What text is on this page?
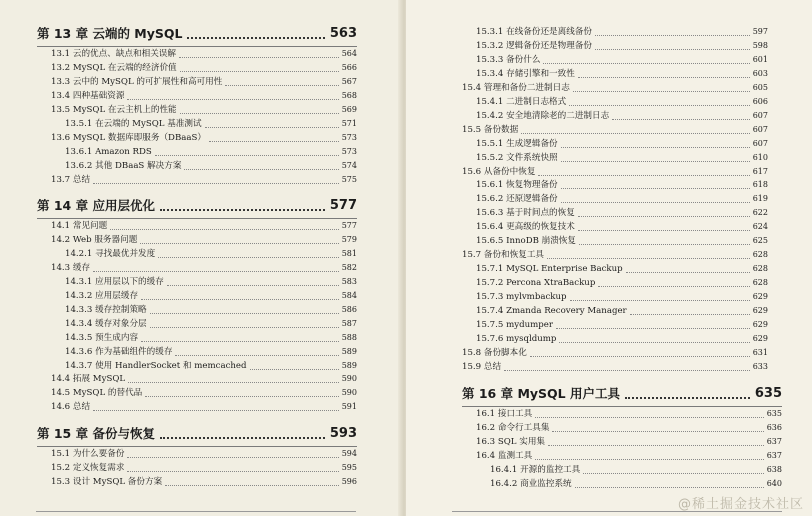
第 13 章 云端的 MySQL	563
13.1 云的优点、缺点和相关误解	564
13.2 MySQL 在云端的经济价值	566
13.3 云中的 MySQL 的可扩展性和高可用性	567
13.4 四种基础资源	568
13.5 MySQL 在云主机上的性能	569
13.5.1 在云端的 MySQL 基准测试	571
13.6 MySQL 数据库即服务（DBaaS）	573
13.6.1 Amazon RDS	573
13.6.2 其他 DBaaS 解决方案	574
13.7 总结	575
第 14 章 应用层优化	577
14.1 常见问题	577
14.2 Web 服务器问题	579
14.2.1 寻找最优并发度	581
14.3 缓存	582
14.3.1 应用层以下的缓存	583
14.3.2 应用层缓存	584
14.3.3 缓存控制策略	586
14.3.4 缓存对象分层	587
14.3.5 预生成内容	588
14.3.6 作为基础组件的缓存	589
14.3.7 使用 HandlerSocket 和 memcached	589
14.4 拓展 MySQL	590
14.5 MySQL 的替代品	590
14.6 总结	591
第 15 章 备份与恢复	593
15.1 为什么要备份	594
15.2 定义恢复需求	595
15.3 设计 MySQL 备份方案	596
15.3.1 在线备份还是离线备份	597
15.3.2 逻辑备份还是物理备份	598
15.3.3 备份什么	601
15.3.4 存储引擎和一致性	603
15.4 管理和备份二进制日志	605
15.4.1 二进制日志格式	606
15.4.2 安全地清除老的二进制日志	607
15.5 备份数据	607
15.5.1 生成逻辑备份	607
15.5.2 文件系统快照	610
15.6 从备份中恢复	617
15.6.1 恢复物理备份	618
15.6.2 还原逻辑备份	619
15.6.3 基于时间点的恢复	622
15.6.4 更高级的恢复技术	624
15.6.5 InnoDB 崩溃恢复	625
15.7 备份和恢复工具	628
15.7.1 MySQL Enterprise Backup	628
15.7.2 Percona XtraBackup	628
15.7.3 mylvmbackup	629
15.7.4 Zmanda Recovery Manager	629
15.7.5 mydumper	629
15.7.6 mysqldump	629
15.8 备份脚本化	631
15.9 总结	633
第 16 章 MySQL 用户工具	635
16.1 接口工具	635
16.2 命令行工具集	636
16.3 SQL 实用集	637
16.4 监测工具	637
16.4.1 开源的监控工具	638
16.4.2 商业监控系统	640
@稀土掘金技术社区
